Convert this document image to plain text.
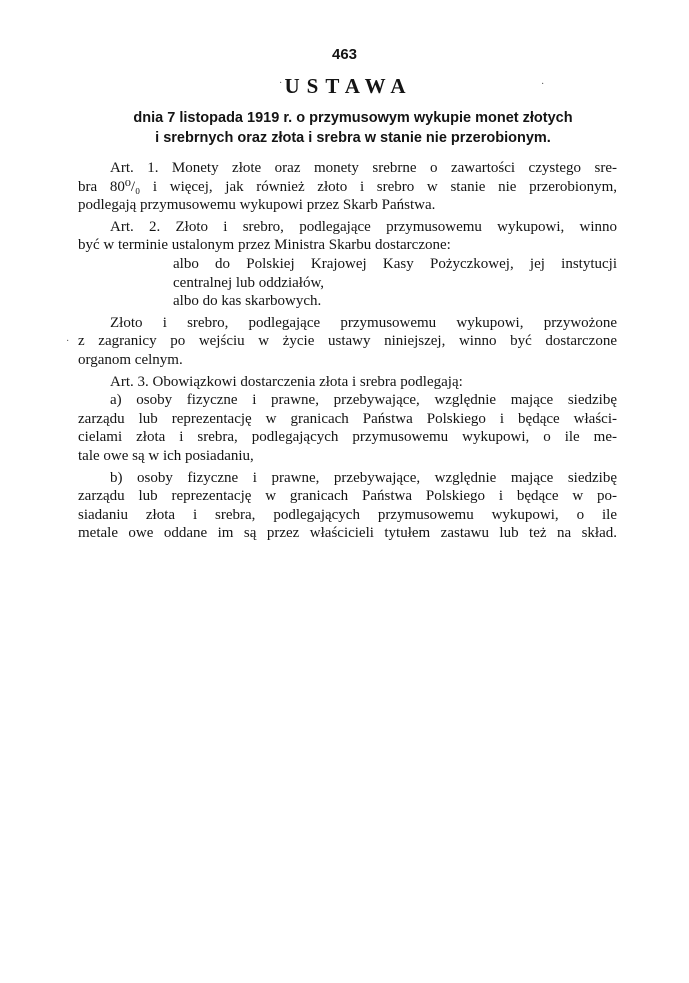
463
USTAWA
dnia 7 listopada 1919 r. o przymusowym wykupie monet złotych
i srebrnych oraz złota i srebra w stanie nie przerobionym.
Art. 1. Monety złote oraz monety srebrne o zawartości czystego sre-
bra 80⁰/₀ i więcej, jak również złoto i srebro w stanie nie przerobionym,
podlegają przymusowemu wykupowi przez Skarb Państwa.
Art. 2. Złoto i srebro, podlegające przymusowemu wykupowi, winno
być w terminie ustalonym przez Ministra Skarbu dostarczone:
albo do Polskiej Krajowej Kasy Pożyczkowej, jej instytucji
centralnej lub oddziałów,
albo do kas skarbowych.
Złoto i srebro, podlegające przymusowemu wykupowi, przywożone
z zagranicy po wejściu w życie ustawy niniejszej, winno być dostarczone
organom celnym.
Art. 3. Obowiązkowi dostarczenia złota i srebra podlegają:
a) osoby fizyczne i prawne, przebywające, względnie mające siedzibę
zarządu lub reprezentację w granicach Państwa Polskiego i będące właści-
cielami złota i srebra, podlegających przymusowemu wykupowi, o ile me-
tale owe są w ich posiadaniu,
b) osoby fizyczne i prawne, przebywające, względnie mające siedzibę
zarządu lub reprezentację w granicach Państwa Polskiego i będące w po-
siadaniu złota i srebra, podlegających przymusowemu wykupowi, o ile
metale owe oddane im są przez właścicieli tytułem zastawu lub też na skład.
·	·
·
